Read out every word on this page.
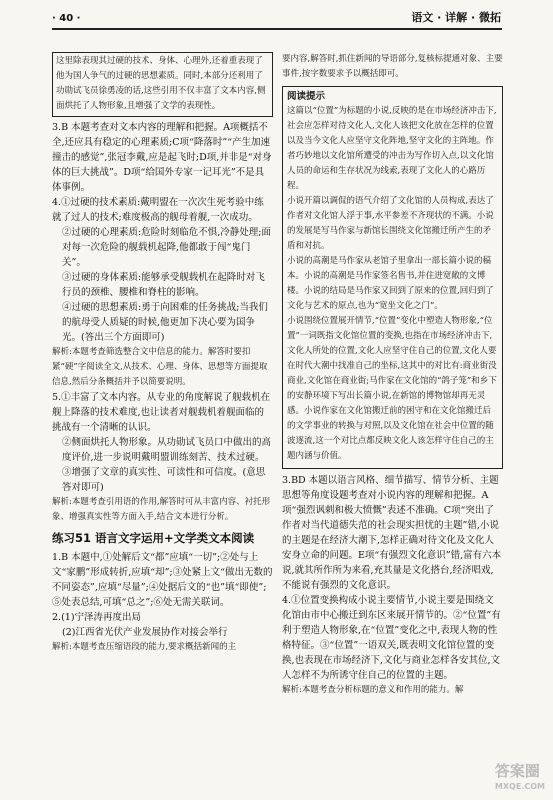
· 40 ·	语文 · 详解 · 微拓

这里除表现其过硬的技术、身体、心理外,还着重表现了他为国人争气的过硬的思想素质。同时,本部分还利用了功勋试飞员徐勇凌的话,这些引用不仅丰富了文本内容,侧面烘托了人物形象,且增强了文学的表现性。

3.B 本题考查对文本内容的理解和把握。A项概括不全,还应具有稳定的心理素质;C项“降落时”“产生加速撞击的感觉”,张冠李戴,应是起飞时;D项,并非是“对身体的巨大挑战”。D项“给国外专家一记耳光”不是具体事例。

4.①过硬的技术素质:戴明盟在一次次生死考验中练就了过人的技术;难度极高的舰母着舰,一次成功。

②过硬的心理素质:危险时刻临危不惧,冷静处理;面对每一次危险的舰载机起降,他都敢于闯“鬼门关”。

③过硬的身体素质:能够承受舰载机在起降时对飞行员的颈椎、腰椎和脊柱的影响。

④过硬的思想素质:勇于向困难的任务挑战;当我们的航母受人质疑的时候,他更加下决心要为国争光。(答出三个方面即可)

解析:本题考查筛选整合文中信息的能力。解答时要扣紧“硬”字阅读全文,从技术、心理、身体、思想等方面提取信息,然后分条概括并予以简要说明。

5.①丰富了文本内容。从专业的角度解说了舰载机在舰上降落的技术难度,也让读者对舰载机着舰面临的挑战有一个清晰的认识。

②侧面烘托人物形象。从功勋试飞员口中做出的高度评价,进一步说明戴明盟训练刻苦、技术过硬。

③增强了文章的真实性、可读性和可信度。(意思答对即可)

解析:本题考查引用语的作用,解答时可从丰富内容、衬托形象、增强真实性等方面入手,结合文本进行分析。

练习51 语言文字运用+文学类文本阅读

1.B 本题中,①处解后文“都”应填“一切”;②处与上文“家鹏”形成转折,应填“却”;③处紧上文“做出无数的不同姿态”,应填“尽量”;④处据后文的“也”填“即使”;⑤处表总结,可填“总之”;⑥处无需关联词。

2.(1)宁泽涛再度出局

(2)江西省光伏产业发展协作对接会举行

解析:本题考查压缩语段的能力,要求概括新闻的主

要内容,解答时,抓住新闻的导语部分,复核标提通对象、主要事件,按字数要求予以概括即可。

阅读提示

这篇以“位置”为标题的小说,反映的是在市场经济冲击下,社会应怎样对待文化人,文化人该把文化放在怎样的位置以及当今文化人应坚守文化阵地,坚守文化的主阵地。作者巧妙地以文化馆所遭受的冲击为写作切入点,以文化馆人员的命运和生存状况为线索,表现了文化人的心路历程。

小说开篇以调侃的语气介绍了文化馆的人员构成,表达了作者对文化馆人浮于事,水平参差不齐现状的不满。小说的发展是写马作家与新馆长围绕文化馆搬迁所产生的矛盾和对抗。

小说的高潮是马作家从老馆子里拿出一部长篇小说的稿本。小说的高潮是马作家签名售书,并住进宽敞的文博楼。小说的结局是马作家又回到了原来的位置,回归到了文化与艺术的原点,也为“宽坐文化之门”。

小说围绕位置展开情节,“位置”变化中塑造人物形象,“位置”一词既指文化馆位置的变换,也指在市场经济冲击下,文化人所处的位置,文化人应坚守住自己的位置,文化人要在时代大潮中找准自己的坐标,这其中的对比有:商业街没商业,文化馆在商业街;马作家在文化馆的“鸽子笼”和乡下的安静环境下写出长篇小说,在新馆的博物馆却再无灵感。小说作家在文化馆搬迁前的困守和在文化馆搬迁后的文学事业的转换与对照,以及文化馆在社会中位置的随波逐流,这一个对比点都反映文化人该怎样守住自己的主题内涵与价值。

3.BD 本题以语言风格、细节描写、情节分析、主题思想等角度设题考查对小说内容的理解和把握。A项“强烈讽刺和极大愤慨”表述不准确。C项“突出了作者对当代道德失范的社会现实担忧的主题”错,小说的主题是在经济大潮下,怎样正确对待文化及文化人安身立命的问题。E项“有强烈文化意识”错,富有六本说,就其所作所为来看,充其量是文化搭台,经济唱戏,不能说有强烈的文化意识。

4.①位置变换构成小说主要情节,小说主要是围绕文化馆由市中心搬迁到东区来展开情节的。②“位置”有利于塑造人物形象,在“位置”变化之中,表现人物的性格特征。③“位置”一语双关,既表明文化馆位置的变换,也表现在市场经济下,文化与商业怎样各安其位,文人怎样不为所诱守住自己的位置的主题。

解析:本题考查分析标题的意义和作用的能力。解

答案圈
MXQE.COM
